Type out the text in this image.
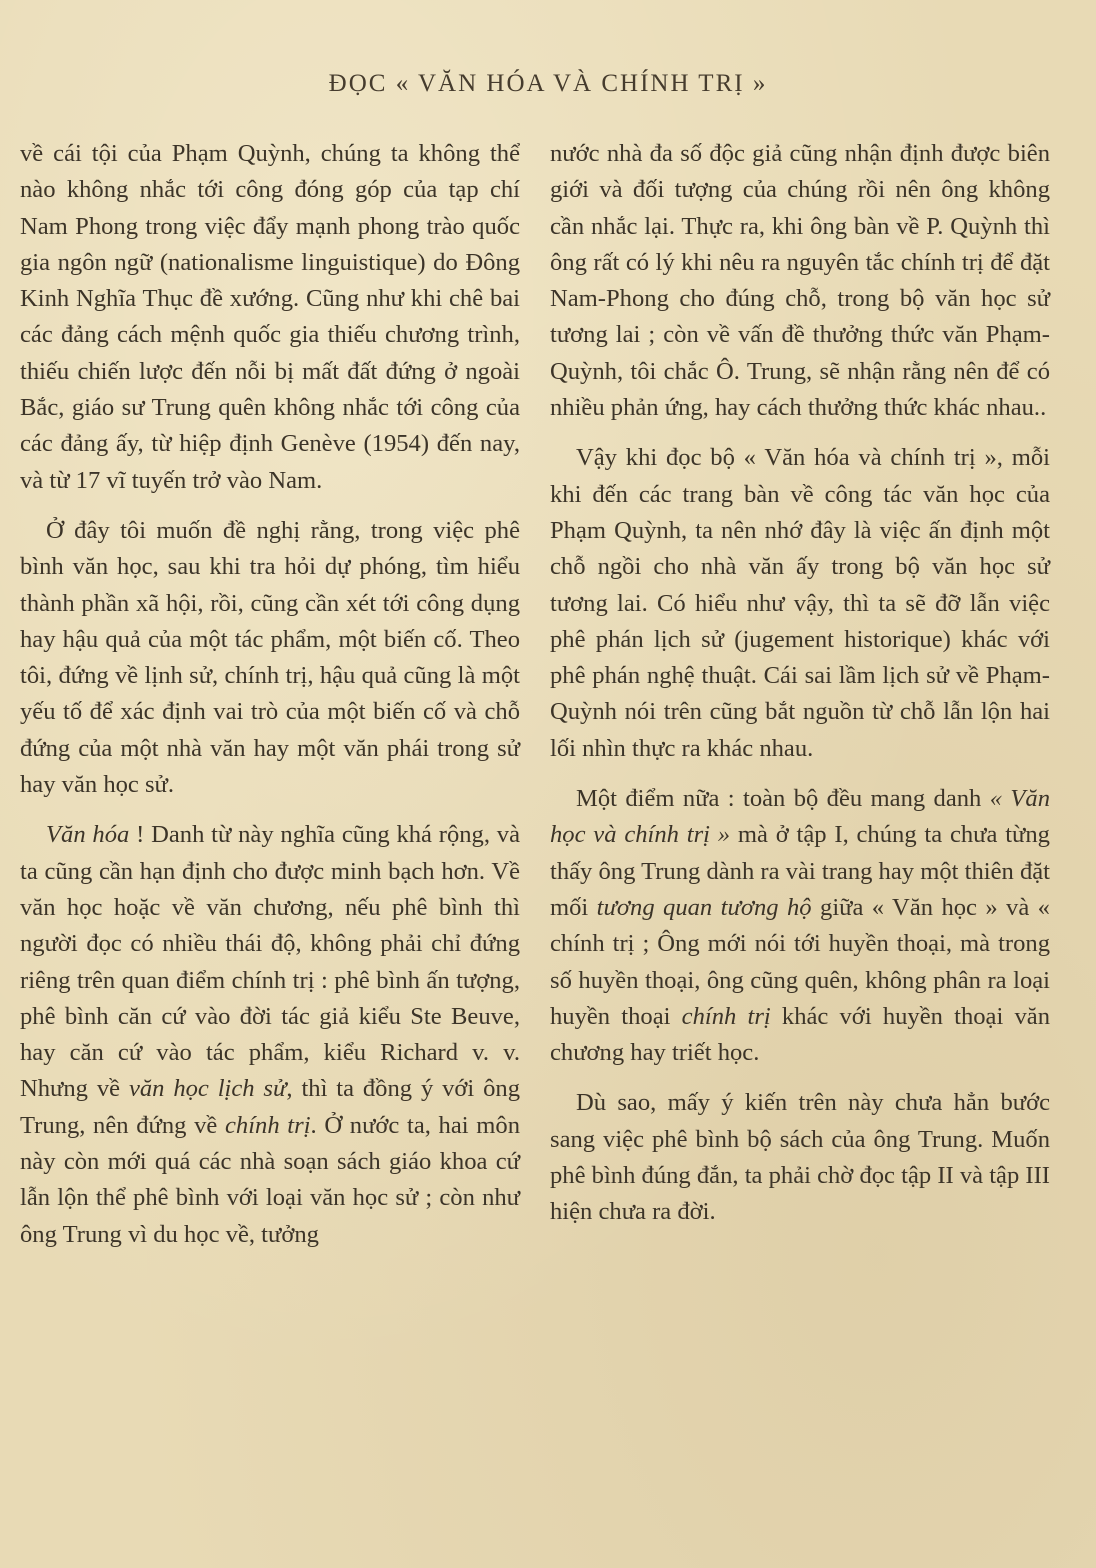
ĐỌC « VĂN HÓA VÀ CHÍNH TRỊ »

về cái tội của Phạm Quỳnh, chúng ta không thể nào không nhắc tới công đóng góp của tạp chí Nam Phong trong việc đẩy mạnh phong trào quốc gia ngôn ngữ (nationalisme linguistique) do Đông Kinh Nghĩa Thục đề xướng. Cũng như khi chê bai các đảng cách mệnh quốc gia thiếu chương trình, thiếu chiến lược đến nỗi bị mất đất đứng ở ngoài Bắc, giáo sư Trung quên không nhắc tới công của các đảng ấy, từ hiệp định Genève (1954) đến nay, và từ 17 vĩ tuyến trở vào Nam.

Ở đây tôi muốn đề nghị rằng, trong việc phê bình văn học, sau khi tra hỏi dự phóng, tìm hiểu thành phần xã hội, rồi, cũng cần xét tới công dụng hay hậu quả của một tác phẩm, một biến cố. Theo tôi, đứng về lịnh sử, chính trị, hậu quả cũng là một yếu tố để xác định vai trò của một biến cố và chỗ đứng của một nhà văn hay một văn phái trong sử hay văn học sử.

Văn hóa ! Danh từ này nghĩa cũng khá rộng, và ta cũng cần hạn định cho được minh bạch hơn. Về văn học hoặc về văn chương, nếu phê bình thì người đọc có nhiều thái độ, không phải chỉ đứng riêng trên quan điểm chính trị : phê bình ấn tượng, phê bình căn cứ vào đời tác giả kiểu Ste Beuve, hay căn cứ vào tác phẩm, kiểu Richard v. v. Nhưng về văn học lịch sử, thì ta đồng ý với ông Trung, nên đứng về chính trị. Ở nước ta, hai môn này còn mới quá các nhà soạn sách giáo khoa cứ lẫn lộn thể phê bình với loại văn học sử ; còn như ông Trung vì du học về, tưởng

nước nhà đa số độc giả cũng nhận định được biên giới và đối tượng của chúng rồi nên ông không cần nhắc lại. Thực ra, khi ông bàn về P. Quỳnh thì ông rất có lý khi nêu ra nguyên tắc chính trị để đặt Nam-Phong cho đúng chỗ, trong bộ văn học sử tương lai ; còn về vấn đề thưởng thức văn Phạm-Quỳnh, tôi chắc Ô. Trung, sẽ nhận rằng nên để có nhiều phản ứng, hay cách thưởng thức khác nhau..

Vậy khi đọc bộ « Văn hóa và chính trị », mỗi khi đến các trang bàn về công tác văn học của Phạm Quỳnh, ta nên nhớ đây là việc ấn định một chỗ ngồi cho nhà văn ấy trong bộ văn học sử tương lai. Có hiểu như vậy, thì ta sẽ đỡ lẫn việc phê phán lịch sử (jugement historique) khác với phê phán nghệ thuật. Cái sai lầm lịch sử về Phạm-Quỳnh nói trên cũng bắt nguồn từ chỗ lẫn lộn hai lối nhìn thực ra khác nhau.

Một điểm nữa : toàn bộ đều mang danh « Văn học và chính trị » mà ở tập I, chúng ta chưa từng thấy ông Trung dành ra vài trang hay một thiên đặt mối tương quan tương hộ giữa « Văn học » và « chính trị ; Ông mới nói tới huyền thoại, mà trong số huyền thoại, ông cũng quên, không phân ra loại huyền thoại chính trị khác với huyền thoại văn chương hay triết học.

Dù sao, mấy ý kiến trên này chưa hẳn bước sang việc phê bình bộ sách của ông Trung. Muốn phê bình đúng đắn, ta phải chờ đọc tập II và tập III hiện chưa ra đời.
